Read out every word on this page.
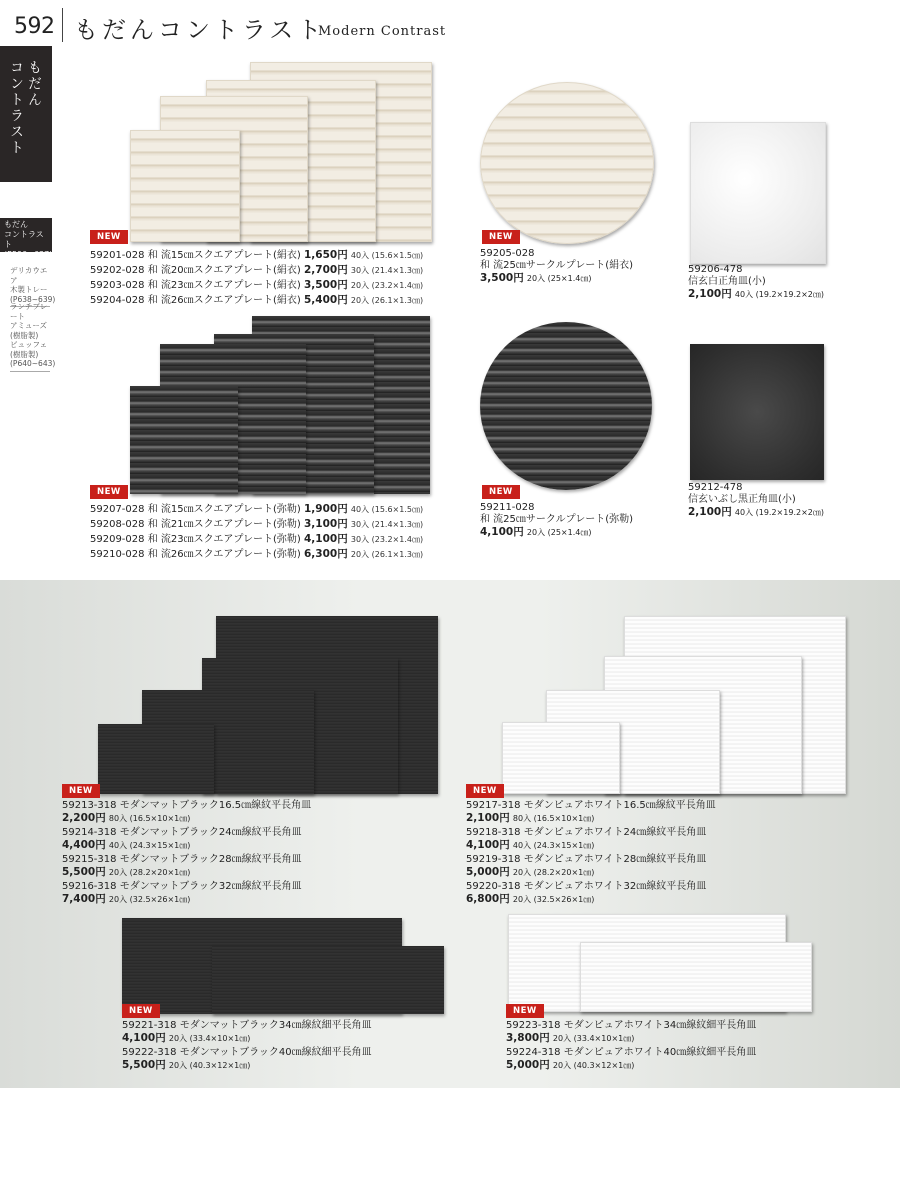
592 もだんコントラスト
Modern Contrast
もだん
コントラスト
もだん
コントラスト
(P590~637)
デリカウエア
木製トレー
(P638~639)
ランチプレート
アミューズ(樹脂製)
ビュッフェ(樹脂製)
(P640~643)
NEW
59201-028 和 流15㎝スクエアプレート(絹衣) 1,650円 40入 (15.6×1.5㎝)
59202-028 和 流20㎝スクエアプレート(絹衣) 2,700円 30入 (21.4×1.3㎝)
59203-028 和 流23㎝スクエアプレート(絹衣) 3,500円 20入 (23.2×1.4㎝)
59204-028 和 流26㎝スクエアプレート(絹衣) 5,400円 20入 (26.1×1.3㎝)
NEW
59205-028
和 流25㎝サークルプレート(絹衣)
3,500円 20入 (25×1.4㎝)
59206-478
信玄白正角皿(小)
2,100円 40入 (19.2×19.2×2㎝)
NEW
59207-028 和 流15㎝スクエアプレート(弥勒) 1,900円 40入 (15.6×1.5㎝)
59208-028 和 流21㎝スクエアプレート(弥勒) 3,100円 30入 (21.4×1.3㎝)
59209-028 和 流23㎝スクエアプレート(弥勒) 4,100円 30入 (23.2×1.4㎝)
59210-028 和 流26㎝スクエアプレート(弥勒) 6,300円 20入 (26.1×1.3㎝)
NEW
59211-028
和 流25㎝サークルプレート(弥勒)
4,100円 20入 (25×1.4㎝)
59212-478
信玄いぶし黒正角皿(小)
2,100円 40入 (19.2×19.2×2㎝)
NEW
59213-318 モダンマットブラック16.5㎝線紋平長角皿
2,200円 80入 (16.5×10×1㎝)
59214-318 モダンマットブラック24㎝線紋平長角皿
4,400円 40入 (24.3×15×1㎝)
59215-318 モダンマットブラック28㎝線紋平長角皿
5,500円 20入 (28.2×20×1㎝)
59216-318 モダンマットブラック32㎝線紋平長角皿
7,400円 20入 (32.5×26×1㎝)
NEW
59217-318 モダンピュアホワイト16.5㎝線紋平長角皿
2,100円 80入 (16.5×10×1㎝)
59218-318 モダンピュアホワイト24㎝線紋平長角皿
4,100円 40入 (24.3×15×1㎝)
59219-318 モダンピュアホワイト28㎝線紋平長角皿
5,000円 20入 (28.2×20×1㎝)
59220-318 モダンピュアホワイト32㎝線紋平長角皿
6,800円 20入 (32.5×26×1㎝)
NEW
59221-318 モダンマットブラック34㎝線紋細平長角皿
4,100円 20入 (33.4×10×1㎝)
59222-318 モダンマットブラック40㎝線紋細平長角皿
5,500円 20入 (40.3×12×1㎝)
NEW
59223-318 モダンピュアホワイト34㎝線紋細平長角皿
3,800円 20入 (33.4×10×1㎝)
59224-318 モダンピュアホワイト40㎝線紋細平長角皿
5,000円 20入 (40.3×12×1㎝)
